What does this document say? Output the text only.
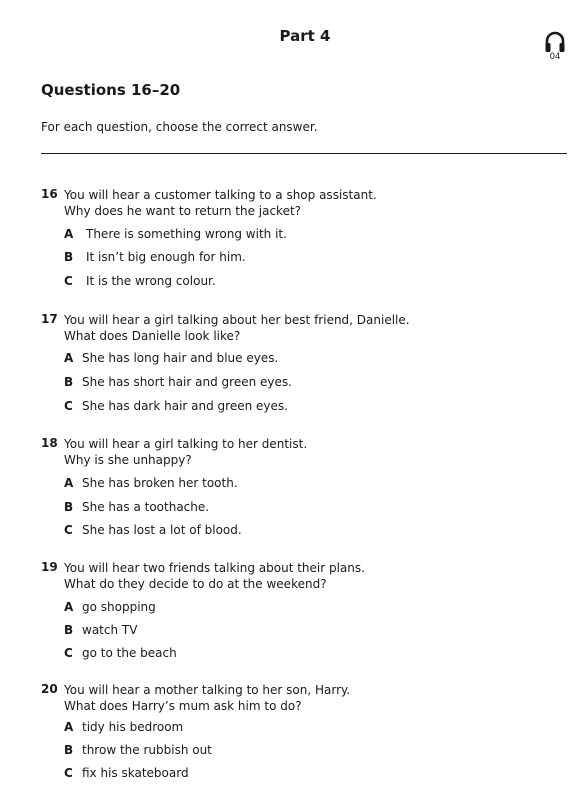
Part 4
04
Questions 16–20

For each question, choose the correct answer.

16 You will hear a customer talking to a shop assistant.
Why does he want to return the jacket?
A There is something wrong with it.
B It isn’t big enough for him.
C It is the wrong colour.
17 You will hear a girl talking about her best friend, Danielle.
What does Danielle look like?
A She has long hair and blue eyes.
B She has short hair and green eyes.
C She has dark hair and green eyes.
18 You will hear a girl talking to her dentist.
Why is she unhappy?
A She has broken her tooth.
B She has a toothache.
C She has lost a lot of blood.
19 You will hear two friends talking about their plans.
What do they decide to do at the weekend?
A go shopping
B watch TV
C go to the beach
20 You will hear a mother talking to her son, Harry.
What does Harry’s mum ask him to do?
A tidy his bedroom
B throw the rubbish out
C fix his skateboard
